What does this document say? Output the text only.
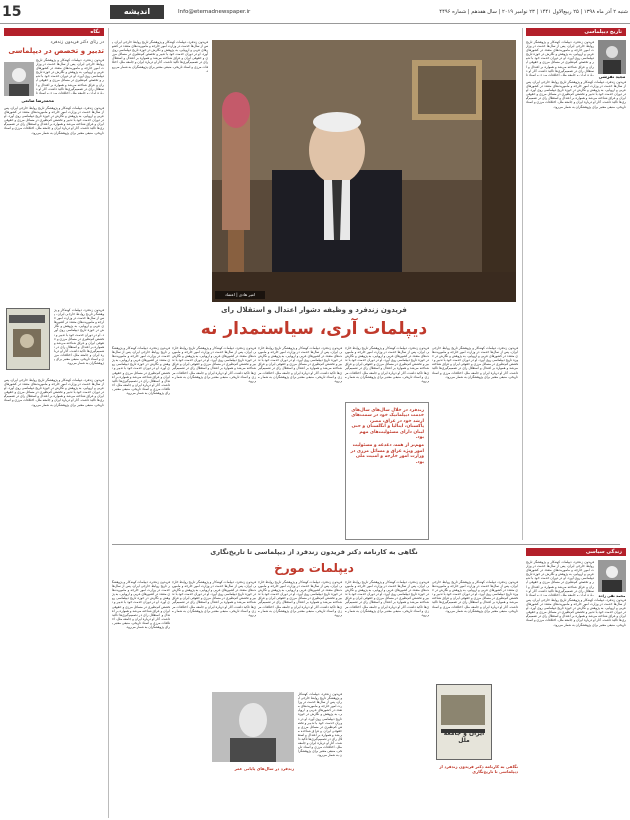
15	اندیشه	Info@etemadnewspaper.ir	شنبه ۲ آذر ماه ۱۳۹۸ | ۲۵ ربیع‌الاول ۱۴۴۱ | ۲۳ نوامبر ۲۰۱۹ | سال هفدهم | شماره ۴۴۹۶
تاریخ دیپلماسی
مجید تفرشی
فریدون زندفرد، دیپلمات کهنه‌کار و پژوهشگر تاریخ روابط خارجی ایران، پس از سال‌ها خدمت در وزارت امور خارجه و ماموریت‌های متعدد در کشورهای عربی و اروپایی، به پژوهش و نگارش در حوزه تاریخ دیپلماسی روی آورد. او در دوران خدمت خود با تدبیر و تخصص کم‌نظیری در مسائل مرزی و حقوقی ایران و عراق شناخته می‌شد و همواره بر اعتدال و استقلال رای در تصمیم‌گیری‌ها تاکید داشت. آثار او درباره ایران و جامعه ملل، اختلافات مرزی و اسناد تا
فریدون زندفرد، دیپلمات کهنه‌کار و پژوهشگر تاریخ روابط خارجی ایران، پس از سال‌ها خدمت در وزارت امور خارجه و ماموریت‌های متعدد در کشورهای عربی و اروپایی، به پژوهش و نگارش در حوزه تاریخ دیپلماسی روی آورد. او در دوران خدمت خود با تدبیر و تخصص کم‌نظیری در مسائل مرزی و حقوقی ایران و عراق شناخته می‌شد و همواره بر اعتدال و استقلال رای در تصمیم‌گیری‌ها تاکید داشت. آثار او درباره ایران و جامعه ملل، اختلافات مرزی و اسناد تاریخی، منبعی معتبر برای پژوهشگران به شمار می‌رود.
نگاه
در رثای دکتر فریدون زندفرد
تدبیر و تخصص در دیپلماسی
فریدون زندفرد، دیپلمات کهنه‌کار و پژوهشگر تاریخ روابط خارجی ایران، پس از سال‌ها خدمت در وزارت امور خارجه و ماموریت‌های متعدد در کشورهای عربی و اروپایی، به پژوهش و نگارش در حوزه تاریخ دیپلماسی روی آورد. او در دوران خدمت خود با تدبیر و تخصص کم‌نظیری در مسائل مرزی و حقوقی ایران و عراق شناخته می‌شد و همواره بر اعتدال و استقلال رای در تصمیم‌گیری‌ها تاکید داشت. آثار او درباره ایران و جامعه ملل، اختلافات مرزی و اسناد تا
محمدرضا صانعی
فریدون زندفرد، دیپلمات کهنه‌کار و پژوهشگر تاریخ روابط خارجی ایران، پس از سال‌ها خدمت در وزارت امور خارجه و ماموریت‌های متعدد در کشورهای عربی و اروپایی، به پژوهش و نگارش در حوزه تاریخ دیپلماسی روی آورد. او در دوران خدمت خود با تدبیر و تخصص کم‌نظیری در مسائل مرزی و حقوقی ایران و عراق شناخته می‌شد و همواره بر اعتدال و استقلال رای در تصمیم‌گیری‌ها تاکید داشت. آثار او درباره ایران و جامعه ملل، اختلافات مرزی و اسناد تاریخی، منبعی معتبر برای پژوهشگران به شمار می‌رود.
فریدون زندفرد، دیپلمات کهنه‌کار و پژوهشگر تاریخ روابط خارجی ایران، پس از سال‌ها خدمت در وزارت امور خارجه و ماموریت‌های متعدد در کشورهای عربی و اروپایی، به پژوهش و نگارش در حوزه تاریخ دیپلماسی روی آورد. او در دوران خدمت خود با تدبیر و تخصص کم‌نظیری در مسائل مرزی و حقوقی ایران و عراق شناخته می‌شد و همواره بر اعتدال و استقلال رای در تصمیم‌گیری‌ها تاکید داشت. آثار او درباره ایران و جامعه ملل، اختلافات مرزی و اسناد تاریخی، منبعی معتبر برای پژوهشگران به شمار می‌رود.
فریدون زندفرد، دیپلمات کهنه‌کار و پژوهشگر تاریخ روابط خارجی ایران، پس از سال‌ها خدمت در وزارت امور خارجه و ماموریت‌های متعدد در کشورهای عربی و اروپایی، به پژوهش و نگارش در حوزه تاریخ دیپلماسی روی آورد. او در دوران خدمت خود با تدبیر و تخصص کم‌نظیری در مسائل مرزی و حقوقی ایران و عراق شناخته می‌شد و همواره بر اعتدال و استقلال رای در تصمیم‌گیری‌ها تاکید داشت. آثار او درباره ایران و جامعه ملل، اختلافات مرزی و اسناد تاریخی، منبعی معتبر برای پژوهشگران به شمار می‌رود.
فریدون زندفرد، دیپلمات کهنه‌کار و پژوهشگر تاریخ روابط خارجی ایران، پس از سال‌ها خدمت در وزارت امور خارجه و ماموریت‌های متعدد در کشورهای عربی و اروپایی، به پژوهش و نگارش در حوزه تاریخ دیپلماسی روی آورد. او در دوران خدمت خود با تدبیر و تخصص کم‌نظیری در مسائل مرزی و حقوقی ایران و عراق شناخته می‌شد و همواره بر اعتدال و استقلال رای در تصمیم‌گیری‌ها تاکید داشت. آثار او درباره ایران و جامعه ملل، اختلافات مرزی و اسناد تاریخی، منبعی معتبر برای پژوهشگران به شمار می‌رود.
امیر هادی | اعتماد
فریدون زندفرد و وظیفه دشوار اعتدال و استقلال رای
دیپلمات آری، سیاستمدار نه
فریدون زندفرد، دیپلمات کهنه‌کار و پژوهشگر تاریخ روابط خارجی ایران، پس از سال‌ها خدمت در وزارت امور خارجه و ماموریت‌های متعدد در کشورهای عربی و اروپایی، به پژوهش و نگارش در حوزه تاریخ دیپلماسی روی آورد. او در دوران خدمت خود با تدبیر و تخصص کم‌نظیری در مسائل مرزی و حقوقی ایران و عراق شناخته می‌شد و همواره بر اعتدال و استقلال رای در تصمیم‌گیری‌ها تاکید داشت. آثار او درباره ایران و جامعه ملل، اختلافات مرزی و اسناد تاریخی، منبعی معتبر برای پژوهشگران به شمار می‌رود.
فریدون زندفرد، دیپلمات کهنه‌کار و پژوهشگر تاریخ روابط خارجی ایران، پس از سال‌ها خدمت در وزارت امور خارجه و ماموریت‌های متعدد در کشورهای عربی و اروپایی، به پژوهش و نگارش در حوزه تاریخ دیپلماسی روی آورد. او در دوران خدمت خود با تدبیر و تخصص کم‌نظیری در مسائل مرزی و حقوقی ایران و عراق شناخته می‌شد و همواره بر اعتدال و استقلال رای در تصمیم‌گیری‌ها تاکید داشت. آثار او درباره ایران و جامعه ملل، اختلافات مرزی و اسناد تاریخی، منبعی معتبر برای پژوهشگران به شمار می‌رود.
زندفرد در خلال سال‌های سال‌های خدمت دیپلماتیک خود در سمت‌های ارشد خود در عراق، مصر، پاکستان، ایتالیا و انگلستان و حتی لبنان دارای مسئولیت‌های مهم بود.
مهم‌تر از همه، دغدغه و مسئولیت امور ویژه عراق و مسائل مرزی در وزارت امور خارجه و امنیت ملی بود.
فریدون زندفرد، دیپلمات کهنه‌کار و پژوهشگر تاریخ روابط خارجی ایران، پس از سال‌ها خدمت در وزارت امور خارجه و ماموریت‌های متعدد در کشورهای عربی و اروپایی، به پژوهش و نگارش در حوزه تاریخ دیپلماسی روی آورد. او در دوران خدمت خود با تدبیر و تخصص کم‌نظیری در مسائل مرزی و حقوقی ایران و عراق شناخته می‌شد و همواره بر اعتدال و استقلال رای در تصمیم‌گیری‌ها تاکید داشت. آثار او درباره ایران و جامعه ملل، اختلافات مرزی و اسناد تاریخی، منبعی معتبر برای پژوهشگران به شمار می‌رود.
فریدون زندفرد، دیپلمات کهنه‌کار و پژوهشگر تاریخ روابط خارجی ایران، پس از سال‌ها خدمت در وزارت امور خارجه و ماموریت‌های متعدد در کشورهای عربی و اروپایی، به پژوهش و نگارش در حوزه تاریخ دیپلماسی روی آورد. او در دوران خدمت خود با تدبیر و تخصص کم‌نظیری در مسائل مرزی و حقوقی ایران و عراق شناخته می‌شد و همواره بر اعتدال و استقلال رای در تصمیم‌گیری‌ها تاکید داشت. آثار او درباره ایران و جامعه ملل، اختلافات مرزی و اسناد تاریخی، منبعی معتبر برای پژوهشگران به شمار می‌رود.
فریدون زندفرد، دیپلمات کهنه‌کار و پژوهشگر تاریخ روابط خارجی ایران، پس از سال‌ها خدمت در وزارت امور خارجه و ماموریت‌های متعدد در کشورهای عربی و اروپایی، به پژوهش و نگارش در حوزه تاریخ دیپلماسی روی آورد. او در دوران خدمت خود با تدبیر و تخصص کم‌نظیری در مسائل مرزی و حقوقی ایران و عراق شناخته می‌شد و همواره بر اعتدال و استقلال رای در تصمیم‌گیری‌ها تاکید داشت. آثار او درباره ایران و جامعه ملل، اختلافات مرزی و اسناد تاریخی، منبعی معتبر برای پژوهشگران به شمار می‌رود.
زندگی سیاسی
فریدون زندفرد، دیپلمات کهنه‌کار و پژوهشگر تاریخ روابط خارجی ایران، پس از سال‌ها خدمت در وزارت امور خارجه و ماموریت‌های متعدد در کشورهای عربی و اروپایی، به پژوهش و نگارش در حوزه تاریخ دیپلماسی روی آورد. او در دوران خدمت خود با تدبیر و تخصص کم‌نظیری در مسائل مرزی و حقوقی ایران و عراق شناخته می‌شد و همواره بر اعتدال و استقلال رای در تصمیم‌گیری‌ها تاکید داشت. آثار او درباره ایران و جامعه ملل، اختلافات مرزی و اسناد تا	محمد تقی زاده
نگاهی به کارنامه دکتر فریدون زندفرد از دیپلماسی تا تاریخ‌نگاری
دیپلمات مورخ
فریدون زندفرد، دیپلمات کهنه‌کار و پژوهشگر تاریخ روابط خارجی ایران، پس از سال‌ها خدمت در وزارت امور خارجه و ماموریت‌های متعدد در کشورهای عربی و اروپایی، به پژوهش و نگارش در حوزه تاریخ دیپلماسی روی آورد. او در دوران خدمت خود با تدبیر و تخصص کم‌نظیری در مسائل مرزی و حقوقی ایران و عراق شناخته می‌شد و همواره بر اعتدال و استقلال رای در تصمیم‌گیری‌ها تاکید داشت. آثار او درباره ایران و جامعه ملل، اختلافات مرزی و اسناد تاریخی، منبعی معتبر برای پژوهشگران به شمار می‌رود.
فریدون زندفرد، دیپلمات کهنه‌کار و پژوهشگر تاریخ روابط خارجی ایران، پس از سال‌ها خدمت در وزارت امور خارجه و ماموریت‌های متعدد در کشورهای عربی و اروپایی، به پژوهش و نگارش در حوزه تاریخ دیپلماسی روی آورد. او در دوران خدمت خود با تدبیر و تخصص کم‌نظیری در مسائل مرزی و حقوقی ایران و عراق شناخته می‌شد و همواره بر اعتدال و استقلال رای در تصمیم‌گیری‌ها تاکید داشت. آثار او درباره ایران و جامعه ملل، اختلافات مرزی و اسناد تاریخی، منبعی معتبر برای پژوهشگران به شمار می‌رود.
ایران و جامعه ملل
نگاهی به کارنامه دکتر فریدون زندفرد از دیپلماسی تا تاریخ‌نگاری
فریدون زندفرد، دیپلمات کهنه‌کار و پژوهشگر تاریخ روابط خارجی ایران، پس از سال‌ها خدمت در وزارت امور خارجه و ماموریت‌های متعدد در کشورهای عربی و اروپایی، به پژوهش و نگارش در حوزه تاریخ دیپلماسی روی آورد. او در دوران خدمت خود با تدبیر و تخصص کم‌نظیری در مسائل مرزی و حقوقی ایران و عراق شناخته می‌شد و همواره بر اعتدال و استقلال رای در تصمیم‌گیری‌ها تاکید داشت. آثار او درباره ایران و جامعه ملل، اختلافات مرزی و اسناد تاریخی، منبعی معتبر برای پژوهشگران به شمار می‌رود.
فریدون زندفرد، دیپلمات کهنه‌کار و پژوهشگر تاریخ روابط خارجی ایران، پس از سال‌ها خدمت در وزارت امور خارجه و ماموریت‌های متعدد در کشورهای عربی و اروپایی، به پژوهش و نگارش در حوزه تاریخ دیپلماسی روی آورد. او در دوران خدمت خود با تدبیر و تخصص کم‌نظیری در مسائل مرزی و حقوقی ایران و عراق شناخته می‌شد و همواره بر اعتدال و استقلال رای در تصمیم‌گیری‌ها تاکید داشت. آثار او درباره ایران و جامعه ملل، اختلافات مرزی و اسناد تاریخی، منبعی معتبر برای پژوهشگران به شمار می‌رود.
فریدون زندفرد، دیپلمات کهنه‌کار و پژوهشگر تاریخ روابط خارجی ایران، پس از سال‌ها خدمت در وزارت امور خارجه و ماموریت‌های متعدد در کشورهای عربی و اروپایی، به پژوهش و نگارش در حوزه تاریخ دیپلماسی روی آورد. او در دوران خدمت خود با تدبیر و تخصص کم‌نظیری در مسائل مرزی و حقوقی ایران و عراق شناخته می‌شد و همواره بر اعتدال و استقلال رای در تصمیم‌گیری‌ها تاکید داشت. آثار او درباره ایران و جامعه ملل، اختلافات مرزی و اسناد تاریخی، منبعی معتبر برای پژوهشگران به شمار می‌رود.
زندفرد در سال‌های پایانی عمر
فریدون زندفرد، دیپلمات کهنه‌کار و پژوهشگر تاریخ روابط خارجی ایران، پس از سال‌ها خدمت در وزارت امور خارجه و ماموریت‌های متعدد در کشورهای عربی و اروپایی، به پژوهش و نگارش در حوزه تاریخ دیپلماسی روی آورد. او در دوران خدمت خود با تدبیر و تخصص کم‌نظیری در مسائل مرزی و حقوقی ایران و عراق شناخته می‌شد و همواره بر اعتدال و استقلال رای در تصمیم‌گیری‌ها تاکید داشت. آثار او درباره ایران و جامعه ملل، اختلافات مرزی و اسناد تاریخی، منبعی معتبر برای پژوهشگران به شمار می‌رود.
فریدون زندفرد، دیپلمات کهنه‌کار و پژوهشگر تاریخ روابط خارجی ایران، پس از سال‌ها خدمت در وزارت امور خارجه و ماموریت‌های متعدد در کشورهای عربی و اروپایی، به پژوهش و نگارش در حوزه تاریخ دیپلماسی روی آورد. او در دوران خدمت خود با تدبیر و تخصص کم‌نظیری در مسائل مرزی و حقوقی ایران و عراق شناخته می‌شد و همواره بر اعتدال و استقلال رای در تصمیم‌گیری‌ها تاکید داشت. آثار او درباره ایران و جامعه ملل، اختلافات مرزی و اسناد تاریخی، منبعی معتبر برای پژوهشگران به شمار می‌رود.
